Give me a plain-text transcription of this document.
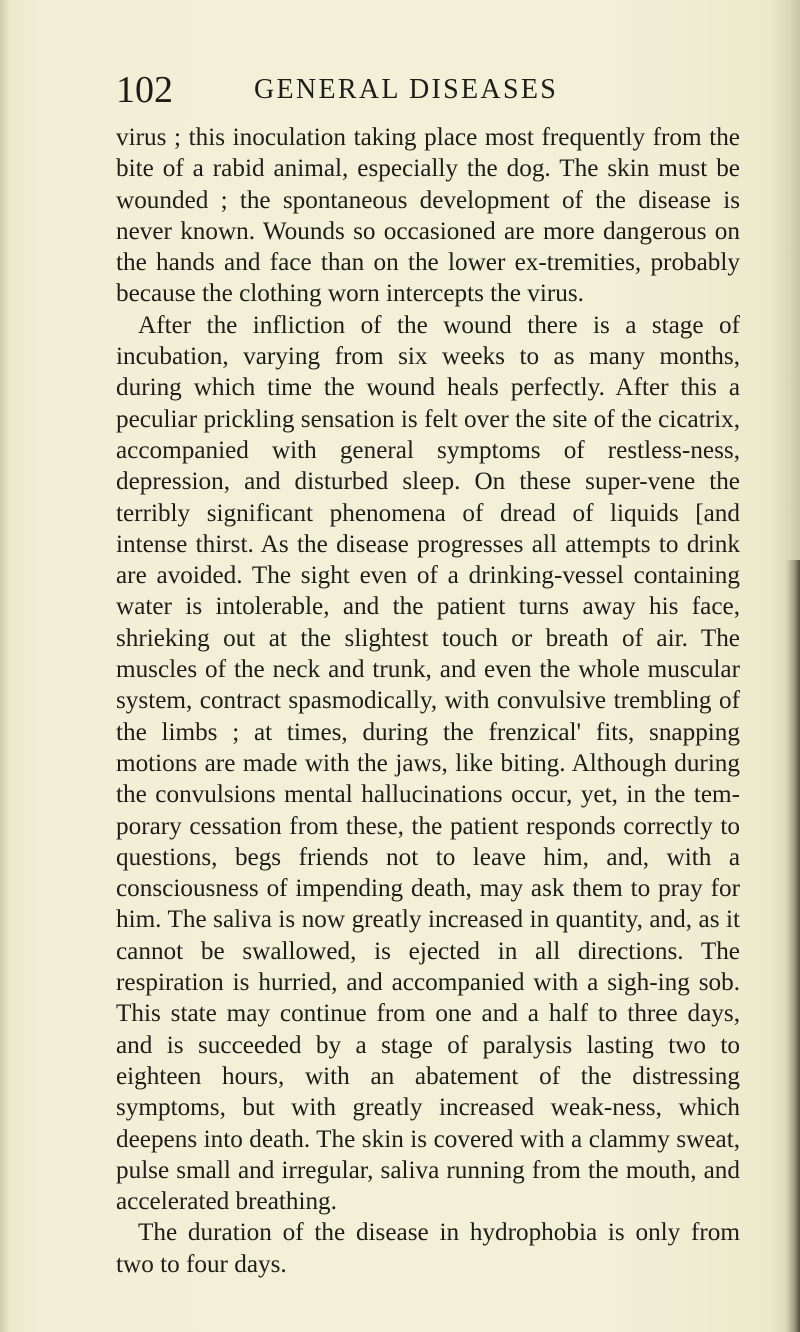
102	GENERAL DISEASES

virus ; this inoculation taking place most frequently from the bite of a rabid animal, especially the dog. The skin must be wounded ; the spontaneous development of the disease is never known. Wounds so occasioned are more dangerous on the hands and face than on the lower ex-tremities, probably because the clothing worn intercepts the virus.

After the infliction of the wound there is a stage of incubation, varying from six weeks to as many months, during which time the wound heals perfectly. After this a peculiar prickling sensation is felt over the site of the cicatrix, accompanied with general symptoms of restless-ness, depression, and disturbed sleep. On these super-vene the terribly significant phenomena of dread of liquids [and intense thirst. As the disease progresses all attempts to drink are avoided. The sight even of a drinking-vessel containing water is intolerable, and the patient turns away his face, shrieking out at the slightest touch or breath of air. The muscles of the neck and trunk, and even the whole muscular system, contract spasmodically, with convulsive trembling of the limbs ; at times, during the frenzical' fits, snapping motions are made with the jaws, like biting. Although during the convulsions mental hallucinations occur, yet, in the tem-porary cessation from these, the patient responds correctly to questions, begs friends not to leave him, and, with a consciousness of impending death, may ask them to pray for him. The saliva is now greatly increased in quantity, and, as it cannot be swallowed, is ejected in all directions. The respiration is hurried, and accompanied with a sigh-ing sob. This state may continue from one and a half to three days, and is succeeded by a stage of paralysis lasting two to eighteen hours, with an abatement of the distressing symptoms, but with greatly increased weak-ness, which deepens into death. The skin is covered with a clammy sweat, pulse small and irregular, saliva running from the mouth, and accelerated breathing.

The duration of the disease in hydrophobia is only from two to four days.
